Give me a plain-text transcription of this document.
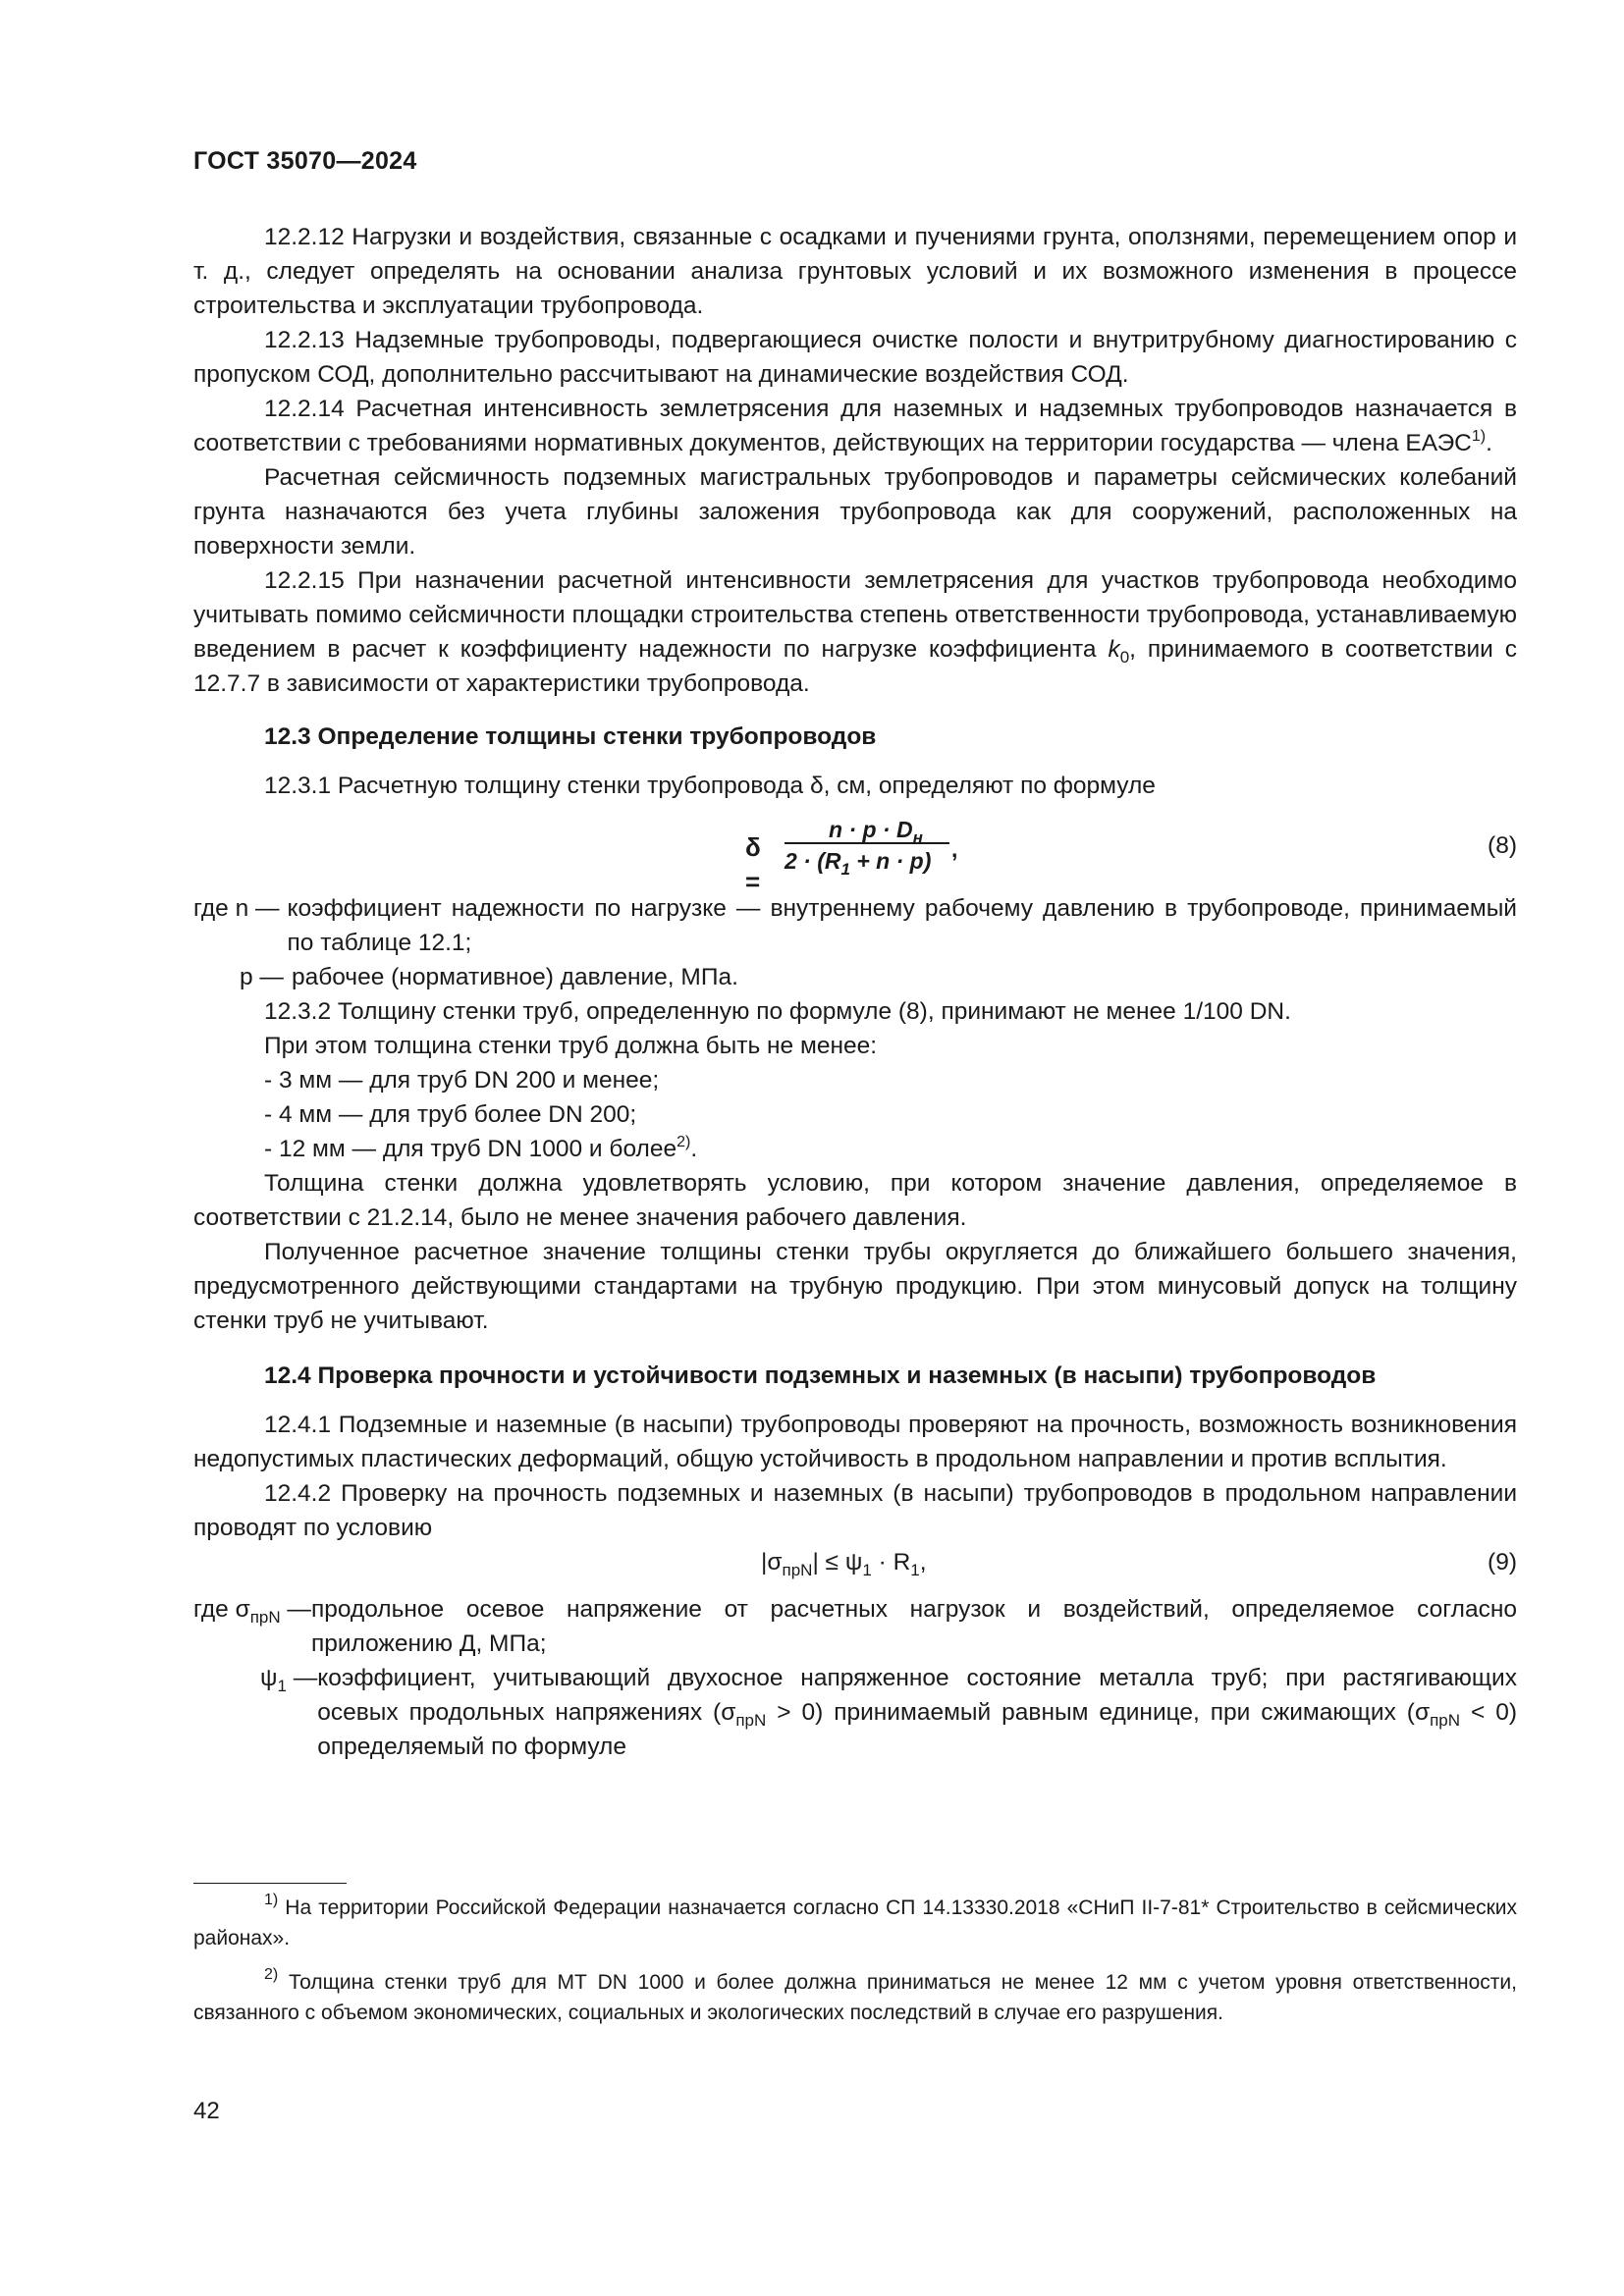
ГОСТ 35070—2024

12.2.12 Нагрузки и воздействия, связанные с осадками и пучениями грунта, оползнями, перемещением опор и т. д., следует определять на основании анализа грунтовых условий и их возможного изменения в процессе строительства и эксплуатации трубопровода.

12.2.13 Надземные трубопроводы, подвергающиеся очистке полости и внутритрубному диагностированию с пропуском СОД, дополнительно рассчитывают на динамические воздействия СОД.

12.2.14 Расчетная интенсивность землетрясения для наземных и надземных трубопроводов назначается в соответствии с требованиями нормативных документов, действующих на территории государства — члена ЕАЭС$^{1)}$.

Расчетная сейсмичность подземных магистральных трубопроводов и параметры сейсмических колебаний грунта назначаются без учета глубины заложения трубопровода как для сооружений, расположенных на поверхности земли.

12.2.15 При назначении расчетной интенсивности землетрясения для участков трубопровода необходимо учитывать помимо сейсмичности площадки строительства степень ответственности трубопровода, устанавливаемую введением в расчет к коэффициенту надежности по нагрузке коэффициента $k_0$, принимаемого в соответствии с 12.7.7 в зависимости от характеристики трубопровода.

12.3 Определение толщины стенки трубопроводов

12.3.1 Расчетную толщину стенки трубопровода δ, см, определяют по формуле

δ =
$n \cdot p \cdot D_н$
$2 \cdot (R_1 + n \cdot p)$ ,	(8)
где n — коэффициент надежности по нагрузке — внутреннему рабочему давлению в трубопроводе, принимаемый по таблице 12.1;
p — рабочее (нормативное) давление, МПа.

12.3.2 Толщину стенки труб, определенную по формуле (8), принимают не менее 1/100 DN.

При этом толщина стенки труб должна быть не менее:

- 3 мм — для труб DN 200 и менее;

- 4 мм — для труб более DN 200;

- 12 мм — для труб DN 1000 и более$^{2)}$.

Толщина стенки должна удовлетворять условию, при котором значение давления, определяемое в соответствии с 21.2.14, было не менее значения рабочего давления.

Полученное расчетное значение толщины стенки трубы округляется до ближайшего большего значения, предусмотренного действующими стандартами на трубную продукцию. При этом минусовый допуск на толщину стенки труб не учитывают.

12.4 Проверка прочности и устойчивости подземных и наземных (в насыпи) трубопроводов

12.4.1 Подземные и наземные (в насыпи) трубопроводы проверяют на прочность, возможность возникновения недопустимых пластических деформаций, общую устойчивость в продольном направлении и против всплытия.

12.4.2 Проверку на прочность подземных и наземных (в насыпи) трубопроводов в продольном направлении проводят по условию

$|\sigma_{прN}| \le \psi_1 \cdot R_1$,	(9)
где $\sigma_{прN}$ — продольное осевое напряжение от расчетных нагрузок и воздействий, определяемое согласно приложению Д, МПа;
$\psi_1$ — коэффициент, учитывающий двухосное напряженное состояние металла труб; при растягивающих осевых продольных напряжениях $(\sigma_{прN} > 0)$ принимаемый равным единице, при сжимающих $(\sigma_{прN} < 0)$ определяемый по формуле

$^{1)}$ На территории Российской Федерации назначается согласно СП 14.13330.2018 «СНиП II-7-81* Строительство в сейсмических районах».

$^{2)}$ Толщина стенки труб для МТ DN 1000 и более должна приниматься не менее 12 мм с учетом уровня ответственности, связанного с объемом экономических, социальных и экологических последствий в случае его разрушения.

42
